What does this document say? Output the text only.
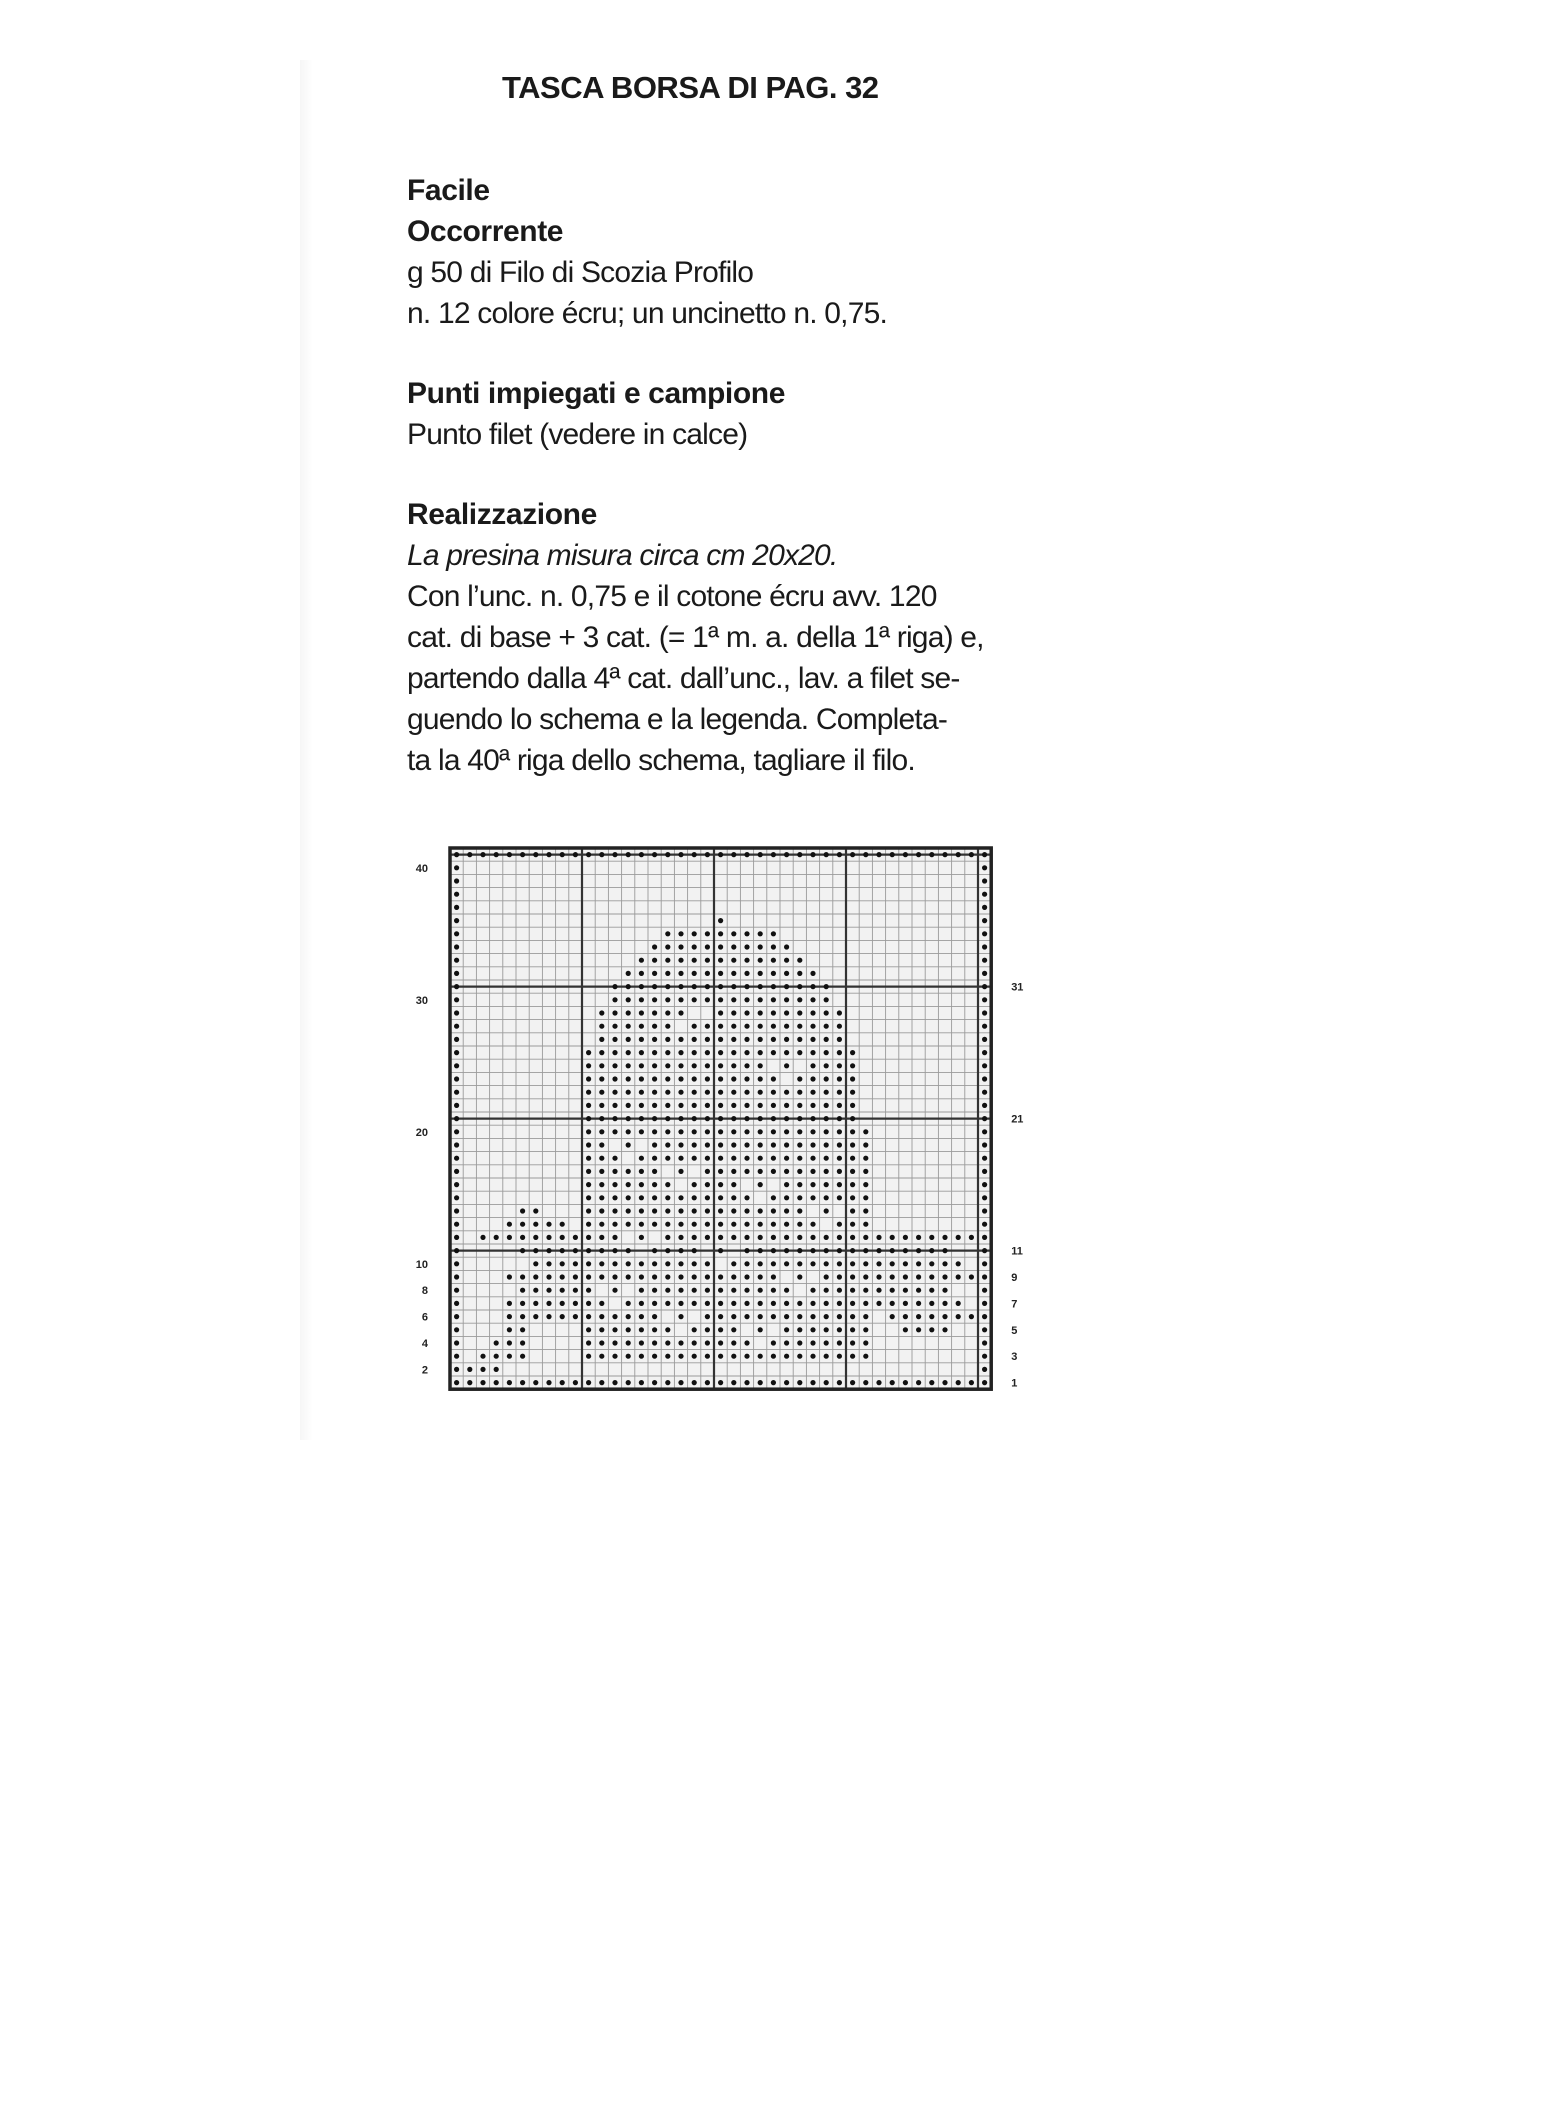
TASCA BORSA DI PAG. 32
Facile
Occorrente
g 50 di Filo di Scozia Profilo
n. 12 colore écru; un uncinetto n. 0,75.
Punti impiegati e campione
Punto filet (vedere in calce)
Realizzazione
La presina misura circa cm 20x20.
Con l’unc. n. 0,75 e il cotone écru avv. 120
cat. di base + 3 cat. (= 1ª m. a. della 1ª riga) e,
partendo dalla 4ª cat. dall’unc., lav. a filet se-
guendo lo schema e la legenda. Completa-
ta la 40ª riga dello schema, tagliare il filo.
2
4
6
8
10
20
30
40
1
3
5
7
9
11
21
31
